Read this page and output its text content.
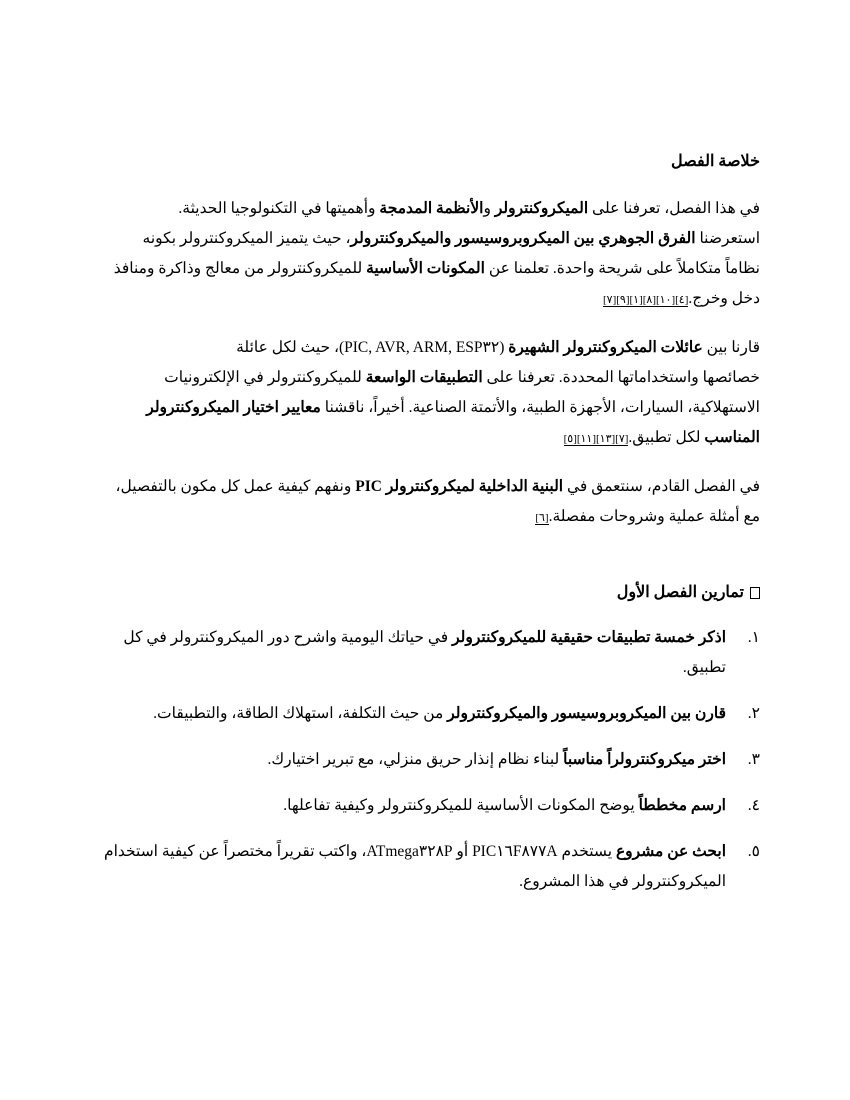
خلاصة الفصل
في هذا الفصل، تعرفنا على الميكروكنترولر والأنظمة المدمجة وأهميتها في التكنولوجيا الحديثة.
استعرضنا الفرق الجوهري بين الميكروبروسيسور والميكروكنترولر، حيث يتميز الميكروكنترولر بكونه
نظاماً متكاملاً على شريحة واحدة. تعلمنا عن المكونات الأساسية للميكروكنترولر من معالج وذاكرة ومنافذ
دخل وخرج.[٤][١٠][٨][١][٩][٧]
قارنا بين عائلات الميكروكنترولر الشهيرة (PIC, AVR, ARM, ESP٣٢)، حيث لكل عائلة
خصائصها واستخداماتها المحددة. تعرفنا على التطبيقات الواسعة للميكروكنترولر في الإلكترونيات
الاستهلاكية، السيارات، الأجهزة الطبية، والأتمتة الصناعية. أخيراً، ناقشنا معايير اختيار الميكروكنترولر
المناسب لكل تطبيق.[٧][١٣][١١][٥]
في الفصل القادم، سنتعمق في البنية الداخلية لميكروكنترولر PIC ونفهم كيفية عمل كل مكون بالتفصيل،
مع أمثلة عملية وشروحات مفصلة.[٦]
تمارين الفصل الأول
١.
اذكر خمسة تطبيقات حقيقية للميكروكنترولر في حياتك اليومية واشرح دور الميكروكنترولر في كل تطبيق.
٢.
قارن بين الميكروبروسيسور والميكروكنترولر من حيث التكلفة، استهلاك الطاقة، والتطبيقات.
٣.
اختر ميكروكنترولراً مناسباً لبناء نظام إنذار حريق منزلي، مع تبرير اختيارك.
٤.
ارسم مخططاً يوضح المكونات الأساسية للميكروكنترولر وكيفية تفاعلها.
٥.
ابحث عن مشروع يستخدم PIC١٦F٨٧٧A أو ATmega٣٢٨P، واكتب تقريراً مختصراً عن كيفية استخدام الميكروكنترولر في هذا المشروع.
